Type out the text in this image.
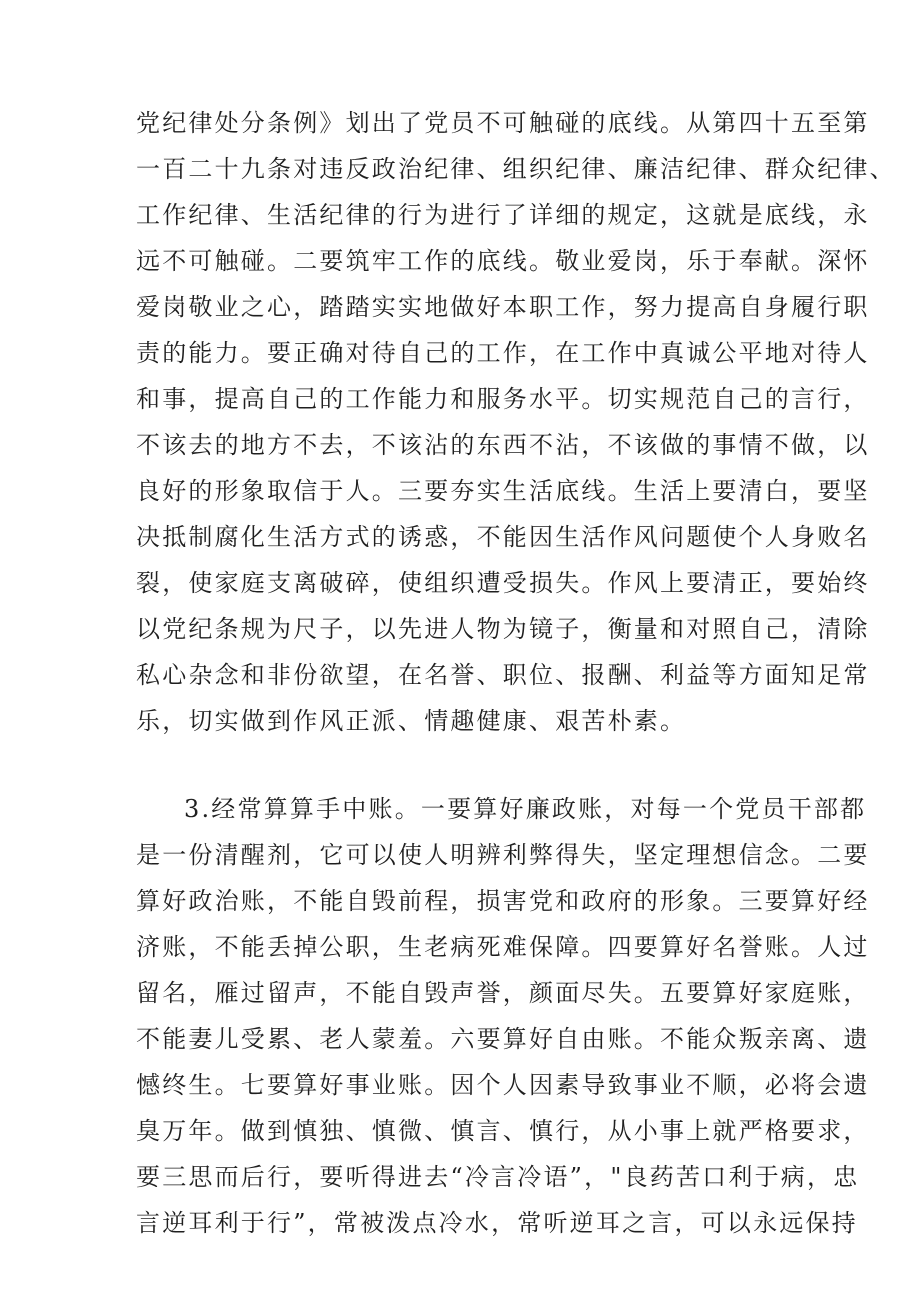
党纪律处分条例》划出了党员不可触碰的底线。从第四十五至第
一百二十九条对违反政治纪律、组织纪律、廉洁纪律、群众纪律、
工作纪律、生活纪律的行为进行了详细的规定，这就是底线，永
远不可触碰。二要筑牢工作的底线。敬业爱岗，乐于奉献。深怀
爱岗敬业之心，踏踏实实地做好本职工作，努力提高自身履行职
责的能力。要正确对待自己的工作，在工作中真诚公平地对待人
和事，提高自己的工作能力和服务水平。切实规范自己的言行，
不该去的地方不去，不该沾的东西不沾，不该做的事情不做，以
良好的形象取信于人。三要夯实生活底线。生活上要清白，要坚
决抵制腐化生活方式的诱惑，不能因生活作风问题使个人身败名
裂，使家庭支离破碎，使组织遭受损失。作风上要清正，要始终
以党纪条规为尺子，以先进人物为镜子，衡量和对照自己，清除
私心杂念和非份欲望，在名誉、职位、报酬、利益等方面知足常
乐，切实做到作风正派、情趣健康、艰苦朴素。
3.经常算算手中账。一要算好廉政账，对每一个党员干部都
是一份清醒剂，它可以使人明辨利弊得失，坚定理想信念。二要
算好政治账，不能自毁前程，损害党和政府的形象。三要算好经
济账，不能丢掉公职，生老病死难保障。四要算好名誉账。人过
留名，雁过留声，不能自毁声誉，颜面尽失。五要算好家庭账，
不能妻儿受累、老人蒙羞。六要算好自由账。不能众叛亲离、遗
憾终生。七要算好事业账。因个人因素导致事业不顺，必将会遗
臭万年。做到慎独、慎微、慎言、慎行，从小事上就严格要求，
要三思而后行，要听得进去“冷言冷语”，"良药苦口利于病，忠
言逆耳利于行”，常被泼点冷水，常听逆耳之言，可以永远保持
